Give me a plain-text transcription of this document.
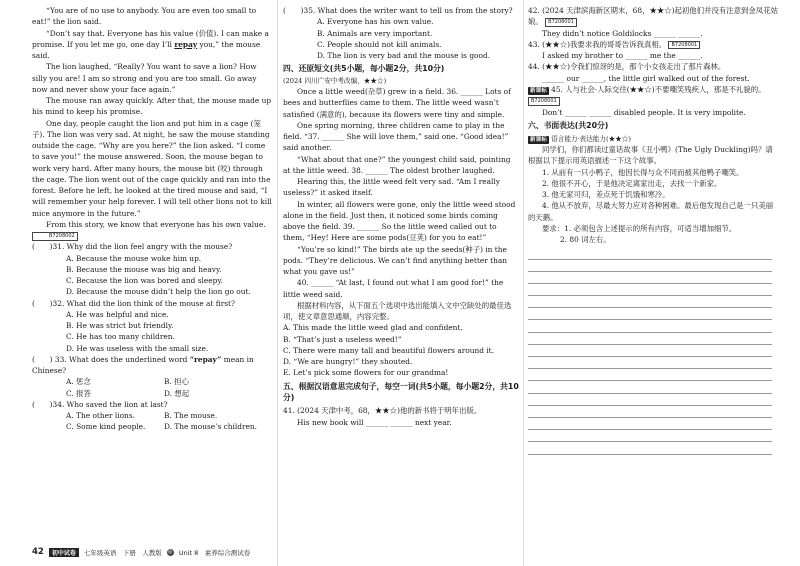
“You are of no use to anybody. You are even too small to eat!” the lion said.

“Don’t say that. Everyone has his value (价值). I can make a promise. If you let me go, one day I’ll repay you,” the mouse said.

The lion laughed, “Really? You want to save a lion? How silly you are! I am so strong and you are too small. Go away now and never show your face again.”

The mouse ran away quickly. After that, the mouse made up his mind to keep his promise.

One day, people caught the lion and put him in a cage (笼子). The lion was very sad. At night, he saw the mouse standing outside the cage. “Why are you here?” the lion asked. “I come to save you!” the mouse answered. Soon, the mouse began to work very hard. After many hours, the mouse bit (咬) through the cage. The lion went out of the cage quickly and ran into the forest. Before he left, he looked at the tired mouse and said, “I will remember your help forever. I will tell other lions not to kill mice anymore in the future.”

From this story, we know that everyone has his own value. B7208002

(　　)31. Why did the lion feel angry with the mouse?

A. Because the mouse woke him up.

B. Because the mouse was big and heavy.

C. Because the lion was bored and sleepy.

D. Because the mouse didn’t help the lion go out.

(　　)32. What did the lion think of the mouse at first?

A. He was helpful and nice.

B. He was strict but friendly.

C. He has too many children.

D. He was useless with the small size.

(　　) 33. What does the underlined word “repay” mean in Chinese?

A. 惩念	B. 担心
C. 报答	D. 想起

(　　)34. Who saved the lion at last?

A. The other lions.	B. The mouse.
C. Some kind people.	D. The mouse’s children.

(　　)35. What does the writer want to tell us from the story?

A. Everyone has his own value.

B. Animals are very important.

C. People should not kill animals.

D. The lion is very bad and the mouse is good.

四、还原短文(共5小题，每小题2分，共10分)

(2024 四川广安中考改编，★★☆)

Once a little weed(杂草) grew in a field. 36. ______ Lots of bees and butterflies came to them. The little weed wasn’t satisfied (满意的), because its flowers were tiny and simple.

One spring morning, three children came to play in the field. “37. ______ She will love them,” said one. “Good idea!” said another.

“What about that one?” the youngest child said, pointing at the little weed. 38. ______ The oldest brother laughed.

Hearing this, the little weed felt very sad. “Am I really useless?” it asked itself.

In winter, all flowers were gone, only the little weed stood alone in the field. Just then, it noticed some birds coming above the field. 39. ______ So the little weed called out to them, “Hey! Here are some pods(豆荚) for you to eat!”

“You’re so kind!” The birds ate up the seeds(种子) in the pods. “They’re delicious. We can’t find anything better than what you gave us!”

40. ______ “At last, I found out what I am good for!” the little weed said.

根据材料内容，从下面五个选项中选出能填入文中空缺处的最佳选项，使文章意思通顺，内容完整。

A. This made the little weed glad and confident.

B. “That’s just a useless weed!”

C. There were many tall and beautiful flowers around it.

D. “We are hungry!” they shouted.

E. Let’s pick some flowers for our grandma!

五、根据汉语意思完成句子，每空一词(共5小题，每小题2分，共10分)

41. (2024 天津中考，68，★★☆)他的新书将于明年出版。

His new book will ______ ______ next year.

42. (2024 天津滨海新区期末，68，★★☆)起初他们并没有注意到金凤花姑娘。 B7208001

They didn’t notice Goldilocks ______ ______.

43. (★★☆)我要求我的哥哥告诉我真相。 B7208001

I asked my brother to ______ me the ______.

44. (★★☆)令我们惊讶的是，那个小女孩走出了那片森林。

______ our ______, the little girl walked out of the forest.

新课标 45. 人与社会·人际交往(★★☆)不要嘲笑残疾人，那是不礼貌的。 B7208001

Don’t ______ ______ disabled people. It is very impolite.

六、书面表达(共20分)

新课标 语言能力·表达能力(★★☆)

同学们，你们都读过童话故事《丑小鸭》(The Ugly Duckling)吗？请根据以下提示用英语描述一下这个故事。

1. 从前有一只小鸭子，他因长得与众不同而被其他鸭子嘲笑。

2. 他很不开心，于是他决定离家出走，去找一个新家。

3. 他无家可归，差点死于饥饿和寒冷。

4. 他从不放弃，尽最大努力应对各种困难。最后他发现自己是一只美丽的天鹅。

要求：1. 必须包含上述提示的所有内容，可适当增加细节。

2. 80 词左右。

42	初中试卷	七年级英语　下册　人教版 ◎ Unit 8　素养综合测试卷
